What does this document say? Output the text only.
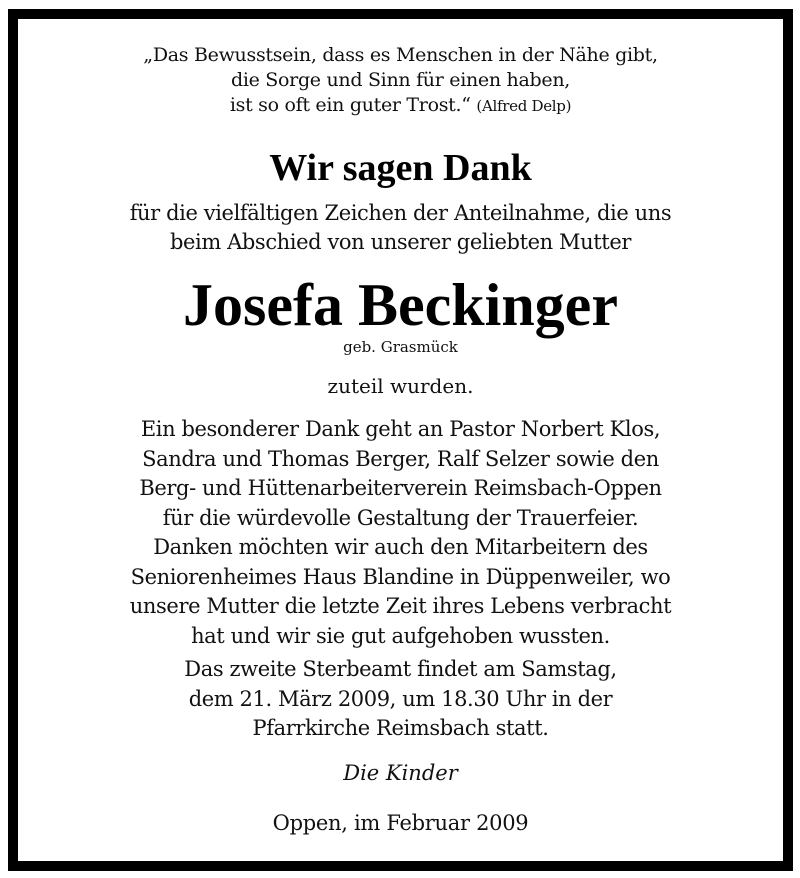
„Das Bewusstsein, dass es Menschen in der Nähe gibt,
die Sorge und Sinn für einen haben,
ist so oft ein guter Trost.“ (Alfred Delp)
Wir sagen Dank
für die vielfältigen Zeichen der Anteilnahme, die uns
beim Abschied von unserer geliebten Mutter
Josefa Beckinger
geb. Grasmück
zuteil wurden.
Ein besonderer Dank geht an Pastor Norbert Klos,
Sandra und Thomas Berger, Ralf Selzer sowie den
Berg- und Hüttenarbeiterverein Reimsbach-Oppen
für die würdevolle Gestaltung der Trauerfeier.
Danken möchten wir auch den Mitarbeitern des
Seniorenheimes Haus Blandine in Düppenweiler, wo
unsere Mutter die letzte Zeit ihres Lebens verbracht
hat und wir sie gut aufgehoben wussten.
Das zweite Sterbeamt findet am Samstag,
dem 21. März 2009, um 18.30 Uhr in der
Pfarrkirche Reimsbach statt.
Die Kinder
Oppen, im Februar 2009
